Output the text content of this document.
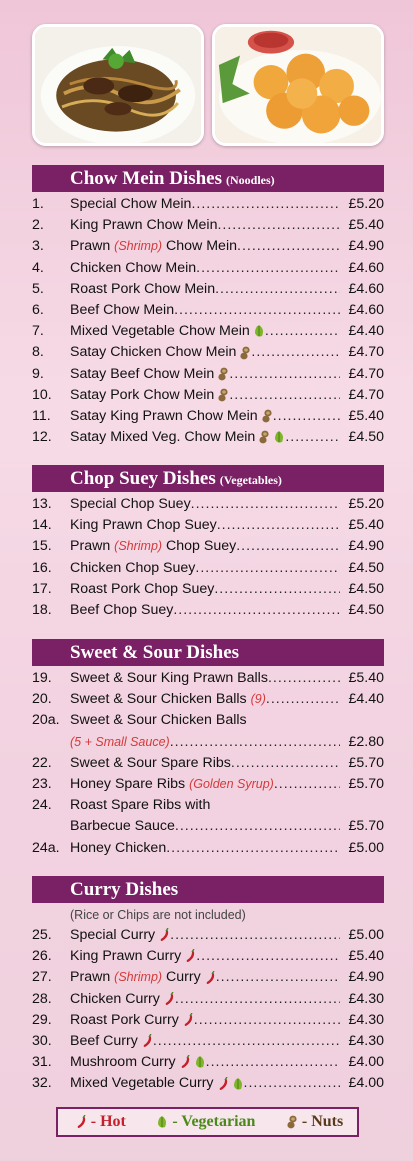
Chow Mein Dishes (Noodles)
1.	Special Chow Mein .....	£5.20
2.	King Prawn Chow Mein .....	£5.40
3.	Prawn (Shrimp) Chow Mein .....	£4.90
4.	Chicken Chow Mein .....	£4.60
5.	Roast Pork Chow Mein .....	£4.60
6.	Beef Chow Mein .....	£4.60
7.	Mixed Vegetable Chow Mein .....	£4.40
8.	Satay Chicken Chow Mein .....	£4.70
9.	Satay Beef Chow Mein .....	£4.70
10.	Satay Pork Chow Mein .....	£4.70
11.	Satay King Prawn Chow Mein .....	£5.40
12.	Satay Mixed Veg. Chow Mein .....	£4.50
Chop Suey Dishes (Vegetables)
13.	Special Chop Suey .....	£5.20
14.	King Prawn Chop Suey .....	£5.40
15.	Prawn (Shrimp) Chop Suey .....	£4.90
16.	Chicken Chop Suey .....	£4.50
17.	Roast Pork Chop Suey .....	£4.50
18.	Beef Chop Suey .....	£4.50
Sweet & Sour Dishes
19.	Sweet & Sour King Prawn Balls .....	£5.40
20.	Sweet & Sour Chicken Balls (9) .....	£4.40
20a. Sweet & Sour Chicken Balls
(5 + Small Sauce) .....	£2.80
22.	Sweet & Sour Spare Ribs .....	£5.70
23.	Honey Spare Ribs (Golden Syrup) .....	£5.70
24.	Roast Spare Ribs with
Barbecue Sauce .....	£5.70
24a. Honey Chicken .....	£5.00
Curry Dishes
(Rice or Chips are not included)
25.	Special Curry .....	£5.00
26.	King Prawn Curry .....	£5.40
27.	Prawn (Shrimp) Curry .....	£4.90
28.	Chicken Curry .....	£4.30
29.	Roast Pork Curry .....	£4.30
30.	Beef Curry .....	£4.30
31.	Mushroom Curry .....	£4.00
32.	Mixed Vegetable Curry .....	£4.00
- Hot	- Vegetarian	- Nuts
